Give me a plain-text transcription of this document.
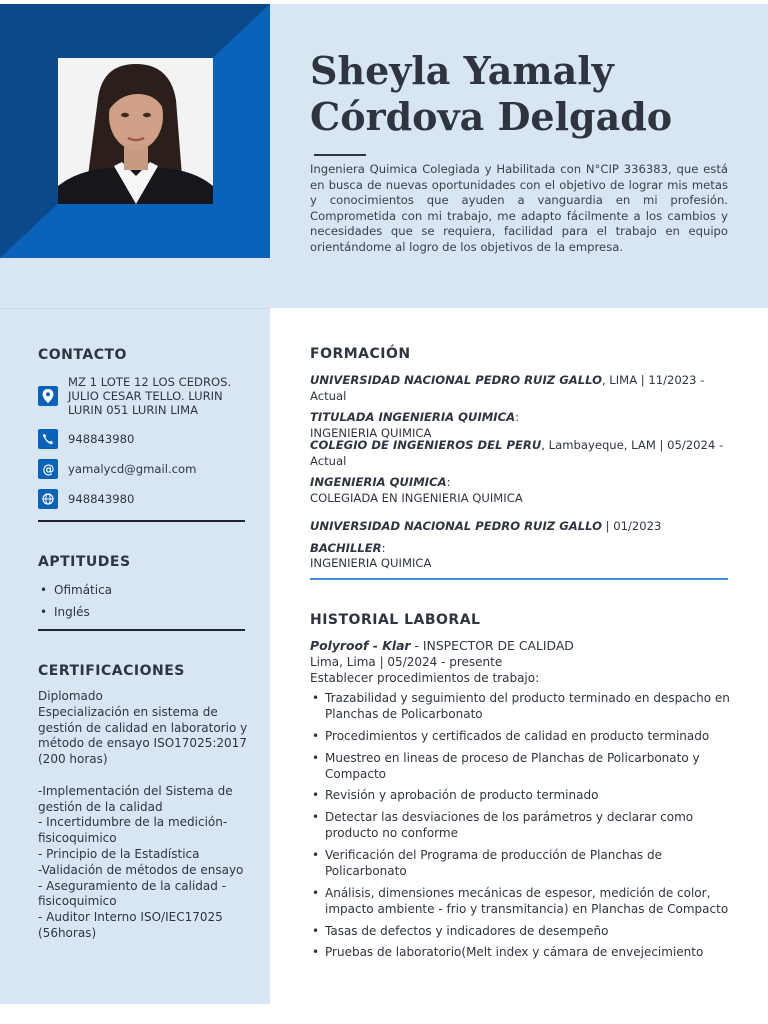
Sheyla Yamaly
Córdova Delgado

Ingeniera Quimica Colegiada y Habilitada con N°CIP 336383, que está en busca de nuevas oportunidades con el objetivo de lograr mis metas y conocimientos que ayuden a vanguardia en mi profesión. Comprometida con mi trabajo, me adapto fácilmente a los cambios y necesidades que se requiera, facilidad para el trabajo en equipo orientándome al logro de los objetivos de la empresa.

CONTACTO
MZ 1 LOTE 12 LOS CEDROS. JULIO CESAR TELLO. LURIN LURIN 051 LURIN LIMA
948843980
@ yamalycd@gmail.com
948843980
APTITUDES
• Ofimática
• Inglés
CERTIFICACIONES

Diplomado
Especialización en sistema de gestión de calidad en laboratorio y método de ensayo ISO17025:2017 (200 horas)

-Implementación del Sistema de gestión de la calidad
- Incertidumbre de la medición- fisicoquimico
- Principio de la Estadística
-Validación de métodos de ensayo
- Aseguramiento de la calidad - fisicoquimico
- Auditor Interno ISO/IEC17025 (56horas)

FORMACIÓN
UNIVERSIDAD NACIONAL PEDRO RUIZ GALLO, LIMA | 11/2023 - Actual
TITULADA INGENIERIA QUIMICA:
INGENIERIA QUIMICA
COLEGIO DE INGENIEROS DEL PERU, Lambayeque, LAM | 05/2024 - Actual
INGENIERIA QUIMICA:
COLEGIADA EN INGENIERIA QUIMICA
UNIVERSIDAD NACIONAL PEDRO RUIZ GALLO | 01/2023
BACHILLER:
INGENIERIA QUIMICA
HISTORIAL LABORAL
Polyroof - Klar - INSPECTOR DE CALIDAD
Lima, Lima | 05/2024 - presente
Establecer procedimientos de trabajo:
• Trazabilidad y seguimiento del producto terminado en despacho en Planchas de Policarbonato
• Procedimientos y certificados de calidad en producto terminado
• Muestreo en lineas de proceso de Planchas de Policarbonato y Compacto
• Revisión y aprobación de producto terminado
• Detectar las desviaciones de los parámetros y declarar como producto no conforme
• Verificación del Programa de producción de Planchas de Policarbonato
• Análisis, dimensiones mecánicas de espesor, medición de color, impacto ambiente - frio y transmitancia) en Planchas de Compacto
• Tasas de defectos y indicadores de desempeño
• Pruebas de laboratorio(Melt index y cámara de envejecimiento
